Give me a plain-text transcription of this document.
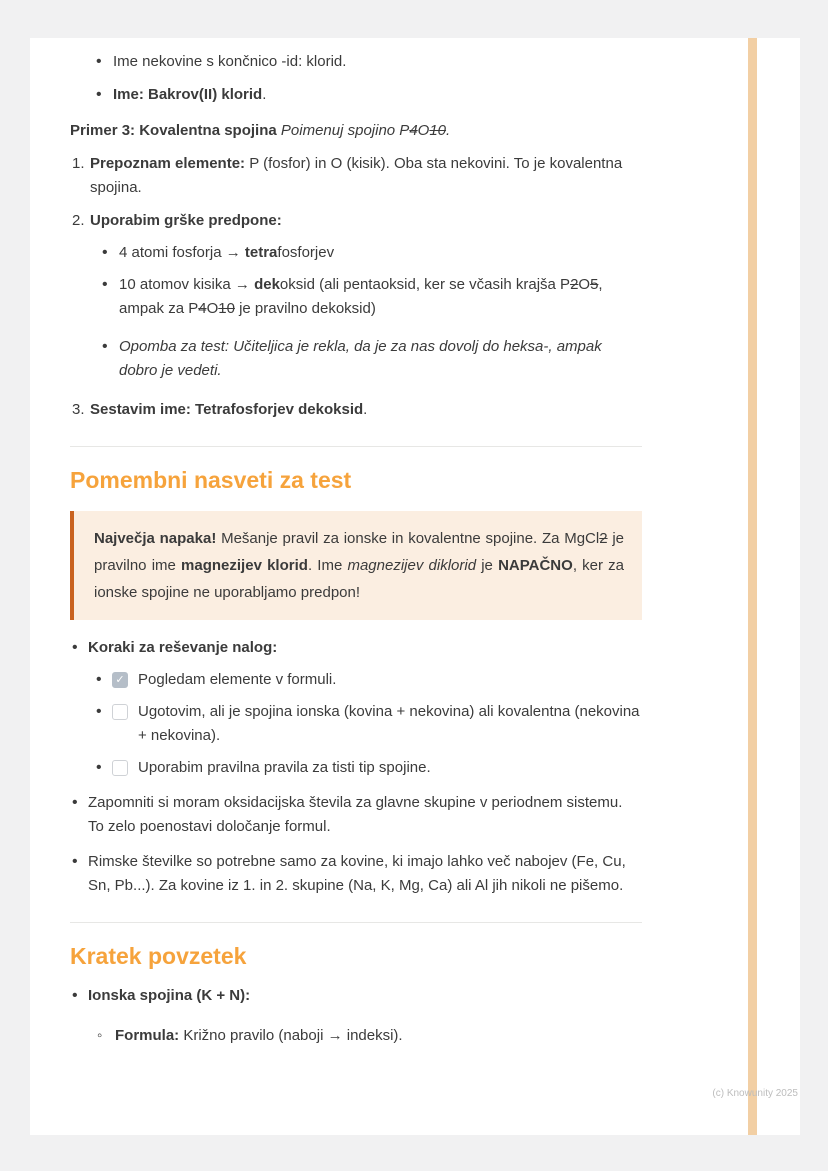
(c) Knowunity 2025
•
Ime nekovine s končnico -id: klorid.
•
Ime: Bakrov(II) klorid.

Primer 3: Kovalentna spojina Poimenuj spojino P4O10.

1. Prepoznam elemente: P (fosfor) in O (kisik). Oba sta nekovini. To je kovalentna spojina.
2. Uporabim grške predpone:
•
4 atomi fosforja → tetrafosforjev
•
10 atomov kisika → dekoksid (ali pentaoksid, ker se včasih krajša P2O5, ampak za P4O10 je pravilno dekoksid)
•
Opomba za test: Učiteljica je rekla, da je za nas dovolj do heksa-, ampak dobro je vedeti.
3. Sestavim ime: Tetrafosforjev dekoksid.
Pomembni nasveti za test
Največja napaka! Mešanje pravil za ionske in kovalentne spojine. Za MgCl2 je pravilno ime magnezijev klorid. Ime magnezijev diklorid je NAPAČNO, ker za ionske spojine ne uporabljamo predpon!
•
Koraki za reševanje nalog:
•
✓
Pogledam elemente v formuli.
•
Ugotovim, ali je spojina ionska (kovina + nekovina) ali kovalentna (nekovina + nekovina).
•
Uporabim pravilna pravila za tisti tip spojine.
•
Zapomniti si moram oksidacijska števila za glavne skupine v periodnem sistemu. To zelo poenostavi določanje formul.
•
Rimske številke so potrebne samo za kovine, ki imajo lahko več nabojev (Fe, Cu, Sn, Pb...). Za kovine iz 1. in 2. skupine (Na, K, Mg, Ca) ali Al jih nikoli ne pišemo.
Kratek povzetek
•
Ionska spojina (K + N):
◦
Formula: Križno pravilo (naboji → indeksi).
